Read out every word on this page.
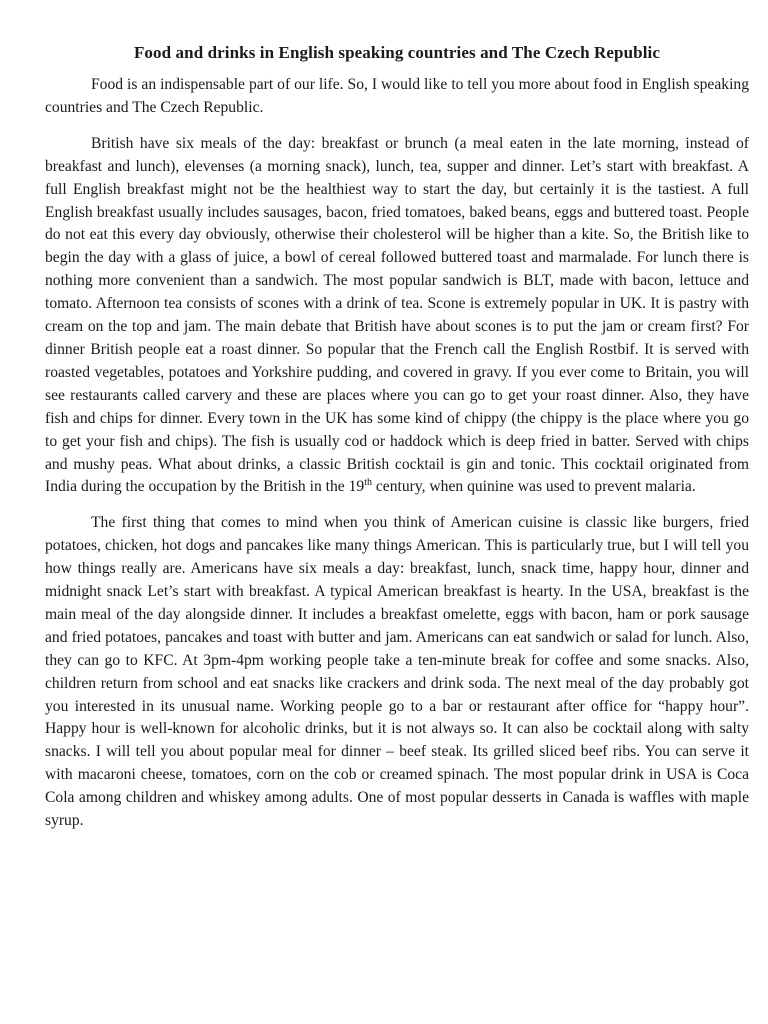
Food and drinks in English speaking countries and The Czech Republic

Food is an indispensable part of our life. So, I would like to tell you more about food in English speaking countries and The Czech Republic.

British have six meals of the day: breakfast or brunch (a meal eaten in the late morning, instead of breakfast and lunch), elevenses (a morning snack), lunch, tea, supper and dinner. Let’s start with breakfast. A full English breakfast might not be the healthiest way to start the day, but certainly it is the tastiest. A full English breakfast usually includes sausages, bacon, fried tomatoes, baked beans, eggs and buttered toast. People do not eat this every day obviously, otherwise their cholesterol will be higher than a kite. So, the British like to begin the day with a glass of juice, a bowl of cereal followed buttered toast and marmalade. For lunch there is nothing more convenient than a sandwich. The most popular sandwich is BLT, made with bacon, lettuce and tomato. Afternoon tea consists of scones with a drink of tea. Scone is extremely popular in UK. It is pastry with cream on the top and jam. The main debate that British have about scones is to put the jam or cream first? For dinner British people eat a roast dinner. So popular that the French call the English Rostbif. It is served with roasted vegetables, potatoes and Yorkshire pudding, and covered in gravy. If you ever come to Britain, you will see restaurants called carvery and these are places where you can go to get your roast dinner. Also, they have fish and chips for dinner. Every town in the UK has some kind of chippy (the chippy is the place where you go to get your fish and chips). The fish is usually cod or haddock which is deep fried in batter. Served with chips and mushy peas. What about drinks, a classic British cocktail is gin and tonic. This cocktail originated from India during the occupation by the British in the 19th century, when quinine was used to prevent malaria.

The first thing that comes to mind when you think of American cuisine is classic like burgers, fried potatoes, chicken, hot dogs and pancakes like many things American. This is particularly true, but I will tell you how things really are. Americans have six meals a day: breakfast, lunch, snack time, happy hour, dinner and midnight snack Let’s start with breakfast. A typical American breakfast is hearty. In the USA, breakfast is the main meal of the day alongside dinner. It includes a breakfast omelette, eggs with bacon, ham or pork sausage and fried potatoes, pancakes and toast with butter and jam. Americans can eat sandwich or salad for lunch. Also, they can go to KFC. At 3pm-4pm working people take a ten-minute break for coffee and some snacks. Also, children return from school and eat snacks like crackers and drink soda. The next meal of the day probably got you interested in its unusual name. Working people go to a bar or restaurant after office for “happy hour”. Happy hour is well-known for alcoholic drinks, but it is not always so. It can also be cocktail along with salty snacks. I will tell you about popular meal for dinner – beef steak. Its grilled sliced beef ribs. You can serve it with macaroni cheese, tomatoes, corn on the cob or creamed spinach. The most popular drink in USA is Coca Cola among children and whiskey among adults. One of most popular desserts in Canada is waffles with maple syrup.
